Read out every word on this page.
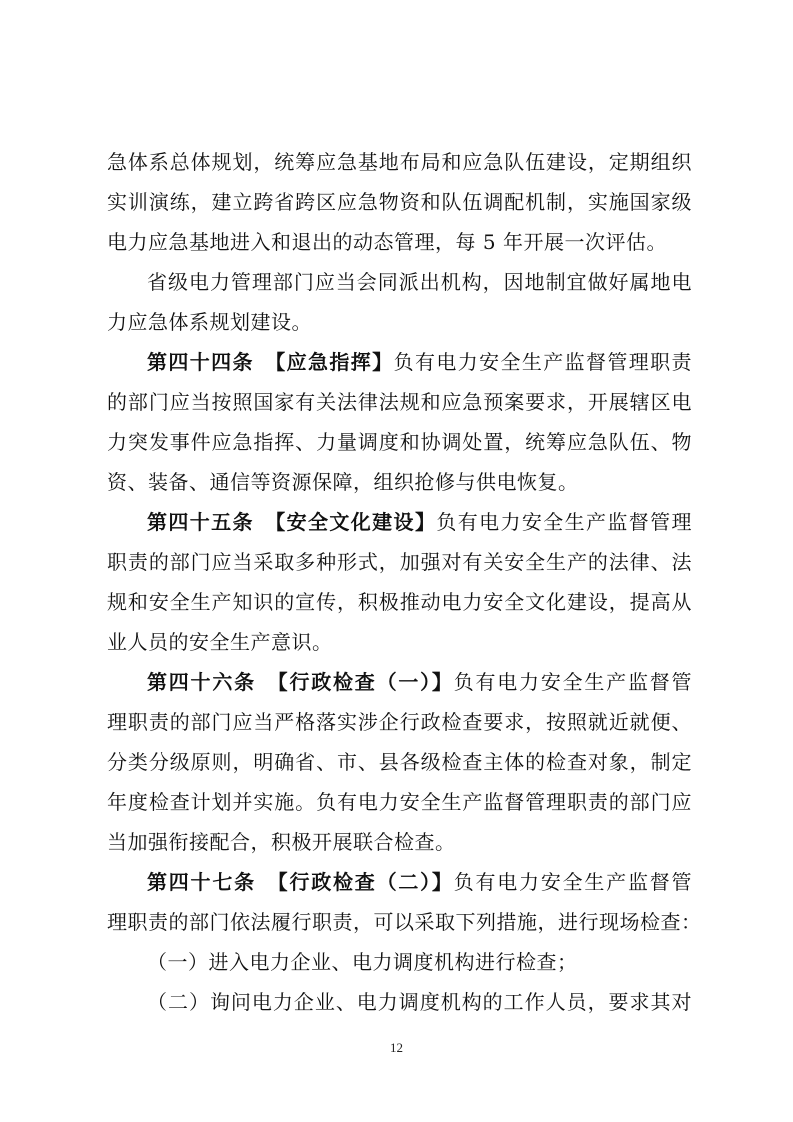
急体系总体规划，统筹应急基地布局和应急队伍建设，定期组织
实训演练，建立跨省跨区应急物资和队伍调配机制，实施国家级
电力应急基地进入和退出的动态管理，每 5 年开展一次评估。
省级电力管理部门应当会同派出机构，因地制宜做好属地电
力应急体系规划建设。
第四十四条　【应急指挥】负有电力安全生产监督管理职责
的部门应当按照国家有关法律法规和应急预案要求，开展辖区电
力突发事件应急指挥、力量调度和协调处置，统筹应急队伍、物
资、装备、通信等资源保障，组织抢修与供电恢复。
第四十五条　【安全文化建设】负有电力安全生产监督管理
职责的部门应当采取多种形式，加强对有关安全生产的法律、法
规和安全生产知识的宣传，积极推动电力安全文化建设，提高从
业人员的安全生产意识。
第四十六条　【行政检查（一）】负有电力安全生产监督管
理职责的部门应当严格落实涉企行政检查要求，按照就近就便、
分类分级原则，明确省、市、县各级检查主体的检查对象，制定
年度检查计划并实施。负有电力安全生产监督管理职责的部门应
当加强衔接配合，积极开展联合检查。
第四十七条　【行政检查（二）】负有电力安全生产监督管
理职责的部门依法履行职责，可以采取下列措施，进行现场检查：
（一）进入电力企业、电力调度机构进行检查；
（二）询问电力企业、电力调度机构的工作人员，要求其对
12
